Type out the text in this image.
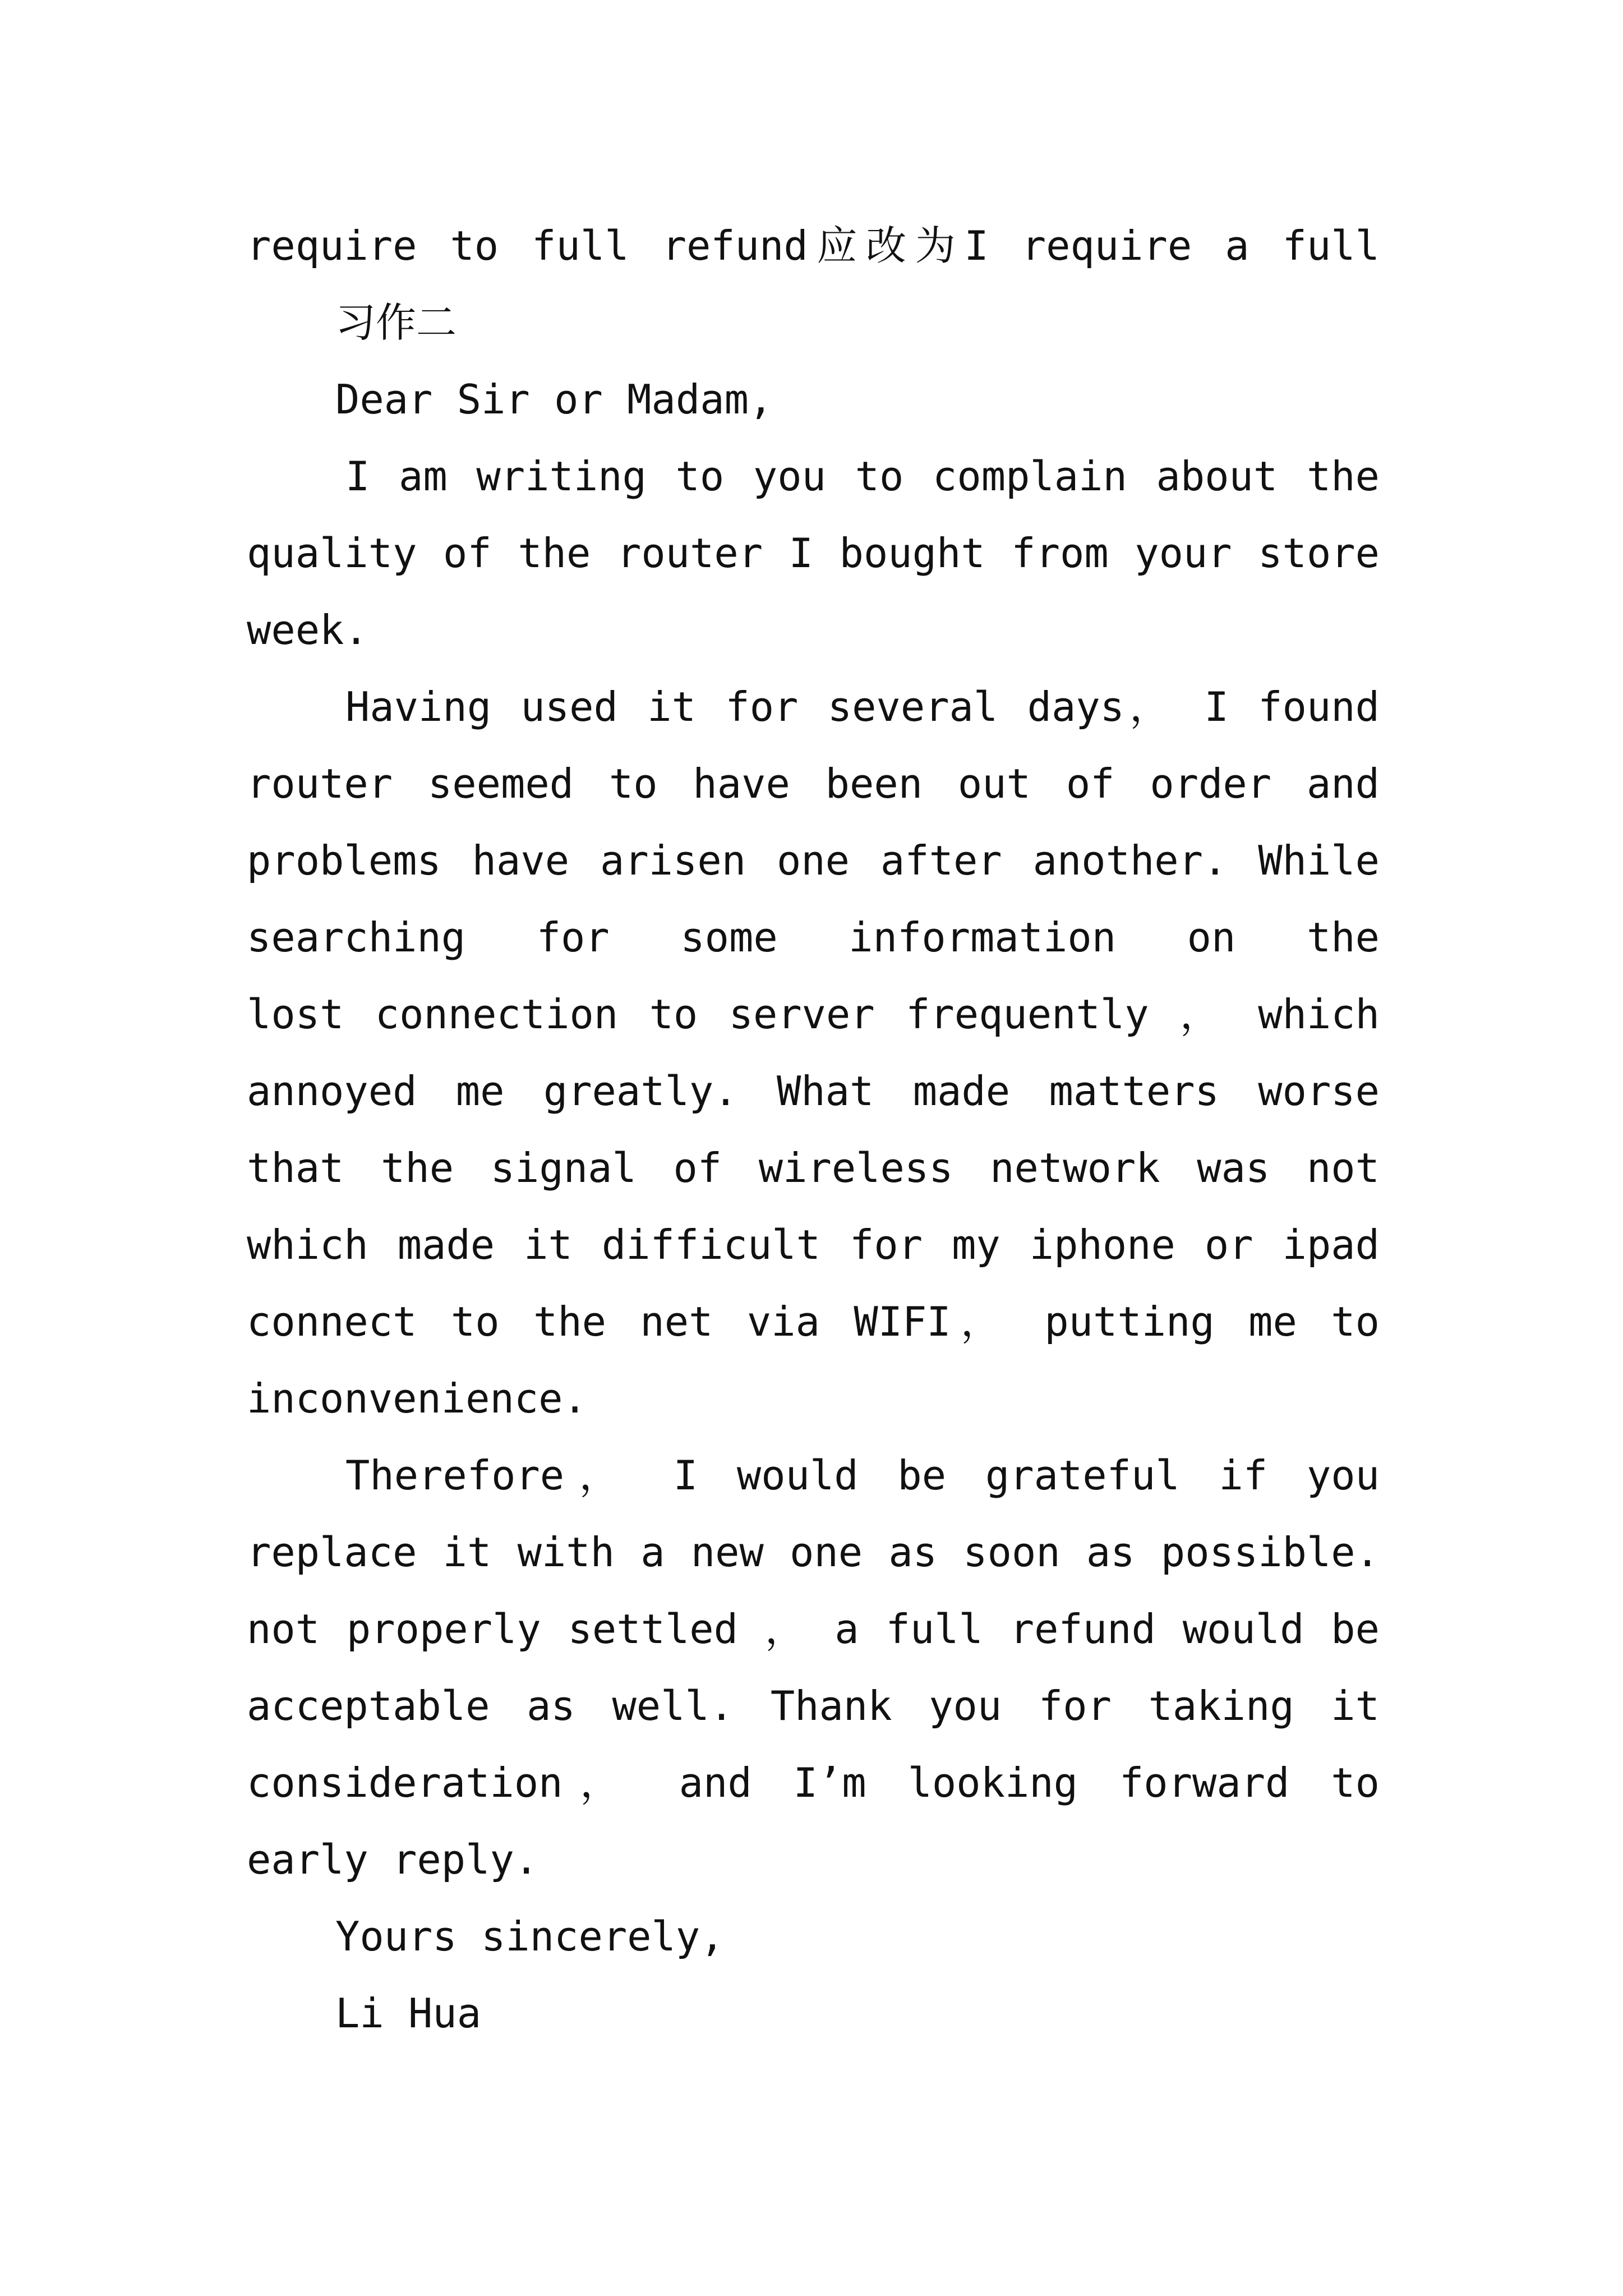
require to full refund应改为I require a full
习作二
Dear Sir or Madam,
I am writing to you to complain about the
quality of the router I bought from your store
week.
Having used it for several days， I found
router seemed to have been out of order and
problems have arisen one after another. While
searching for some information on the
lost connection to server frequently ， which
annoyed me greatly. What made matters worse
that the signal of wireless network was not
which made it difficult for my iphone or ipad
connect to the net via WIFI， putting me to
inconvenience.
Therefore， I would be grateful if you
replace it with a new one as soon as possible.
not properly settled ， a full refund would be
acceptable as well. Thank you for taking it
consideration， and I’m looking forward to
early reply.
Yours sincerely,
Li Hua
